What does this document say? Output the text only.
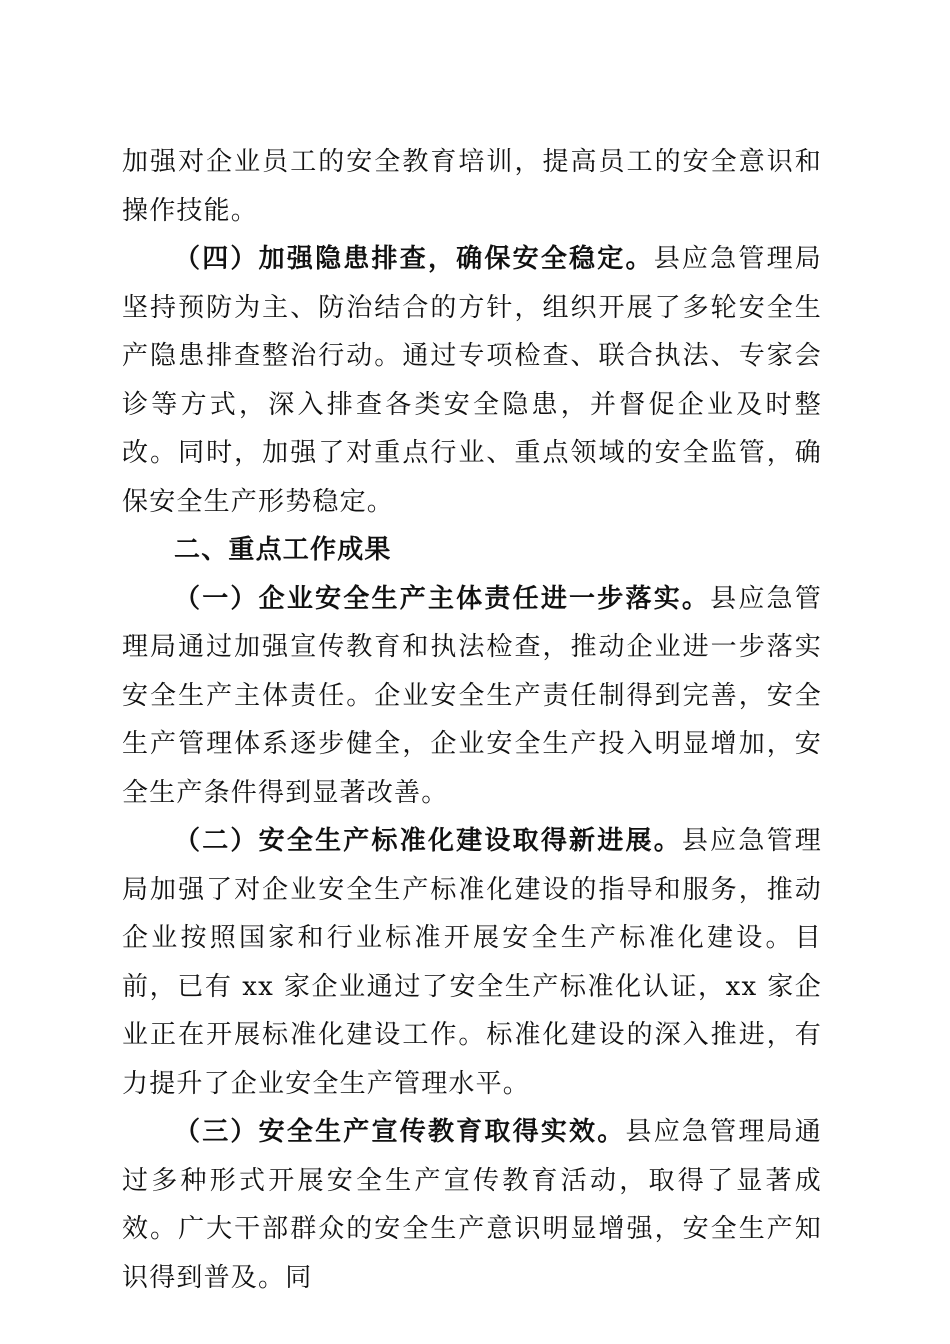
加强对企业员工的安全教育培训，提高员工的安全意识和操作技能。

（四）加强隐患排查，确保安全稳定。县应急管理局坚持预防为主、防治结合的方针，组织开展了多轮安全生产隐患排查整治行动。通过专项检查、联合执法、专家会诊等方式，深入排查各类安全隐患，并督促企业及时整改。同时，加强了对重点行业、重点领域的安全监管，确保安全生产形势稳定。

二、重点工作成果

（一）企业安全生产主体责任进一步落实。县应急管理局通过加强宣传教育和执法检查，推动企业进一步落实安全生产主体责任。企业安全生产责任制得到完善，安全生产管理体系逐步健全，企业安全生产投入明显增加，安全生产条件得到显著改善。

（二）安全生产标准化建设取得新进展。县应急管理局加强了对企业安全生产标准化建设的指导和服务，推动企业按照国家和行业标准开展安全生产标准化建设。目前，已有 xx 家企业通过了安全生产标准化认证，xx 家企业正在开展标准化建设工作。标准化建设的深入推进，有力提升了企业安全生产管理水平。

（三）安全生产宣传教育取得实效。县应急管理局通过多种形式开展安全生产宣传教育活动，取得了显著成效。广大干部群众的安全生产意识明显增强，安全生产知识得到普及。同
